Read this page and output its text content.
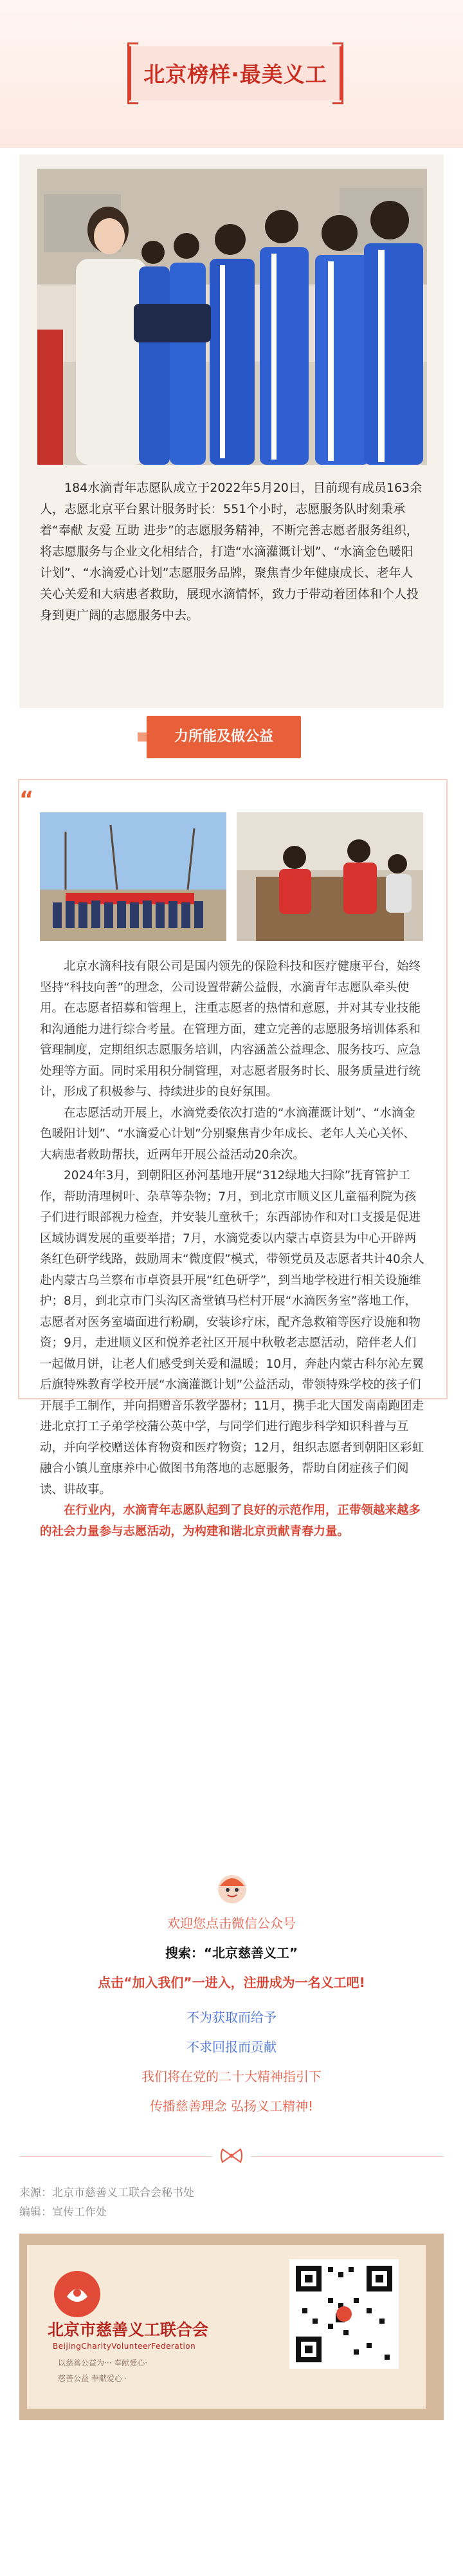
北京榜样·最美义工
184水滴青年志愿队成立于2022年5月20日，目前现有成员163余人，志愿北京平台累计服务时长：551个小时，志愿服务队时刻秉承着“奉献 友爱 互助 进步”的志愿服务精神，不断完善志愿者服务组织，将志愿服务与企业文化相结合，打造“水滴灌溉计划”、“水滴金色暖阳计划”、“水滴爱心计划”志愿服务品牌，聚焦青少年健康成长、老年人关心关爱和大病患者救助，展现水滴情怀，致力于带动着团体和个人投身到更广阔的志愿服务中去。
力所能及做公益
“

北京水滴科技有限公司是国内领先的保险科技和医疗健康平台，始终坚持“科技向善”的理念，公司设置带薪公益假，水滴青年志愿队牵头使用。在志愿者招募和管理上，注重志愿者的热情和意愿，并对其专业技能和沟通能力进行综合考量。在管理方面，建立完善的志愿服务培训体系和管理制度，定期组织志愿服务培训，内容涵盖公益理念、服务技巧、应急处理等方面。同时采用积分制管理，对志愿者服务时长、服务质量进行统计，形成了积极参与、持续进步的良好氛围。

在志愿活动开展上，水滴党委依次打造的“水滴灌溉计划”、“水滴金色暖阳计划”、“水滴爱心计划”分别聚焦青少年成长、老年人关心关怀、大病患者救助帮扶，近两年开展公益活动20余次。

2024年3月，到朝阳区孙河基地开展“312绿地大扫除”抚育管护工作，帮助清理树叶、杂草等杂物；7月，到北京市顺义区儿童福利院为孩子们进行眼部视力检查，并安装儿童秋千；东西部协作和对口支援是促进区域协调发展的重要举措；7月，水滴党委以内蒙古卓资县为中心开辟两条红色研学线路，鼓励周末“微度假”模式，带领党员及志愿者共计40余人赴内蒙古乌兰察布市卓资县开展“红色研学”，到当地学校进行相关设施维护；8月，到北京市门头沟区斋堂镇马栏村开展“水滴医务室”落地工作，志愿者对医务室墙面进行粉刷，安装诊疗床，配齐急救箱等医疗设施和物资；9月，走进顺义区和悦养老社区开展中秋敬老志愿活动，陪伴老人们一起做月饼，让老人们感受到关爱和温暖；10月，奔赴内蒙古科尔沁左翼后旗特殊教育学校开展“水滴灌溉计划”公益活动，带领特殊学校的孩子们开展手工制作，并向捐赠音乐教学器材；11月，携手北大国发南南跑团走进北京打工子弟学校蒲公英中学，与同学们进行跑步科学知识科普与互动，并向学校赠送体育物资和医疗物资；12月，组织志愿者到朝阳区彩虹融合小镇儿童康养中心做图书角落地的志愿服务，帮助自闭症孩子们阅读、讲故事。

在行业内，水滴青年志愿队起到了良好的示范作用，正带领越来越多的社会力量参与志愿活动，为构建和谐北京贡献青春力量。

欢迎您点击微信公众号
搜索：“北京慈善义工”
点击“加入我们”一进入，注册成为一名义工吧!
不为获取而给予
不求回报而贡献
我们将在党的二十大精神指引下
传播慈善理念 弘扬义工精神!
来源：北京市慈善义工联合会秘书处
编辑：宣传工作处
北京市慈善义工联合会
BeijingCharityVolunteerFederation
以慈善公益为··· 奉献爱心·
慈善公益 奉献爱心 ·
